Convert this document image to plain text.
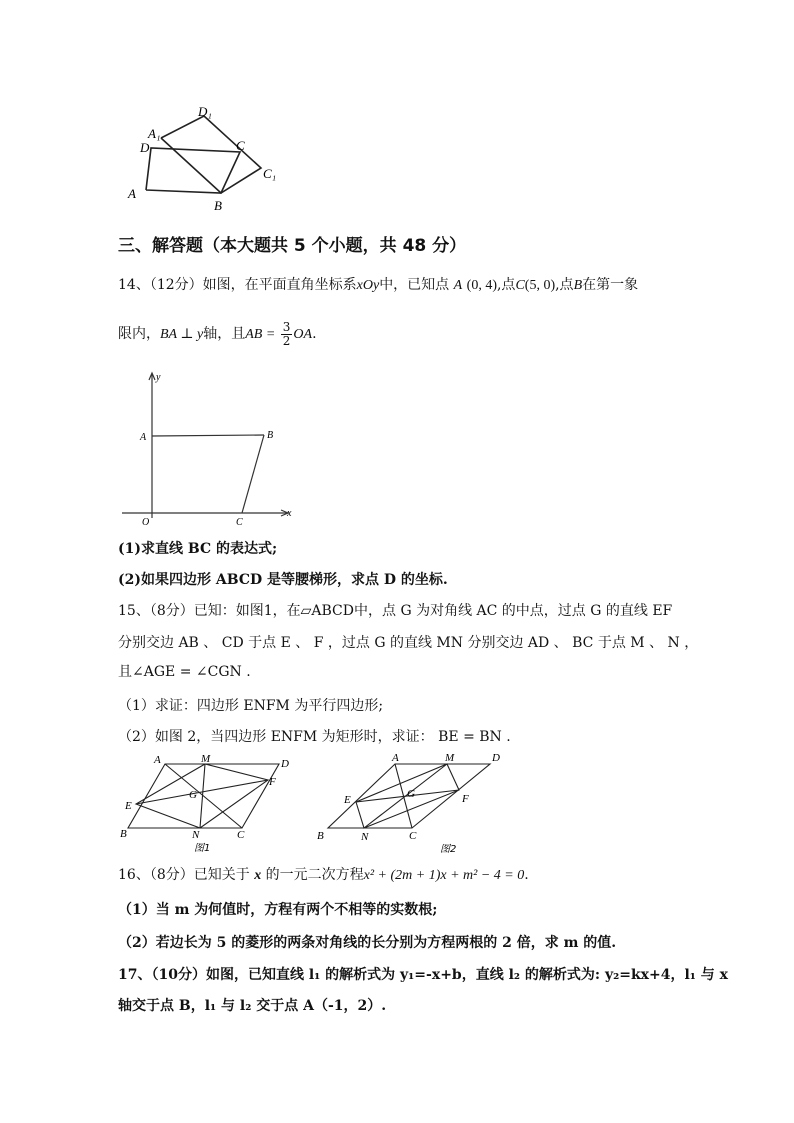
D₁
A₁
D	C
C₁
A
B
三、解答题（本大题共 5 个小题，共 48 分）
14、（12分）如图，在平面直角坐标系xOy中，已知点 A (0, 4),点C(5, 0),点B在第一象
限内，BA ⊥ y轴，且AB = $\frac{3}{2}$ OA.
y
A	B
O	C
x
(1)求直线 BC 的表达式;
(2)如果四边形 ABCD 是等腰梯形，求点 D 的坐标.
15、（8分）已知：如图1，在▱ABCD中，点 G 为对角线 AC 的中点，过点 G 的直线 EF
分别交边 AB 、 CD 于点 E 、 F ，过点 G 的直线 MN 分别交边 AD 、 BC 于点 M 、 N ，
且∠AGE = ∠CGN .
（1）求证：四边形 ENFM 为平行四边形;
（2）如图 2，当四边形 ENFM 为矩形时，求证： BE = BN .
A	M	D
F
G
E
B	N	C
图1
A	M	D
E	G	F
B	N	C
图2
16、（8分）已知关于 x 的一元二次方程x² + (2m + 1)x + m² − 4 = 0.
（1）当 m 为何值时，方程有两个不相等的实数根;
（2）若边长为 5 的菱形的两条对角线的长分别为方程两根的 2 倍，求 m 的值.
17、（10分）如图，已知直线 l₁ 的解析式为 y₁=-x+b，直线 l₂ 的解析式为: y₂=kx+4，l₁ 与 x
轴交于点 B，l₁ 与 l₂ 交于点 A（-1，2）.
